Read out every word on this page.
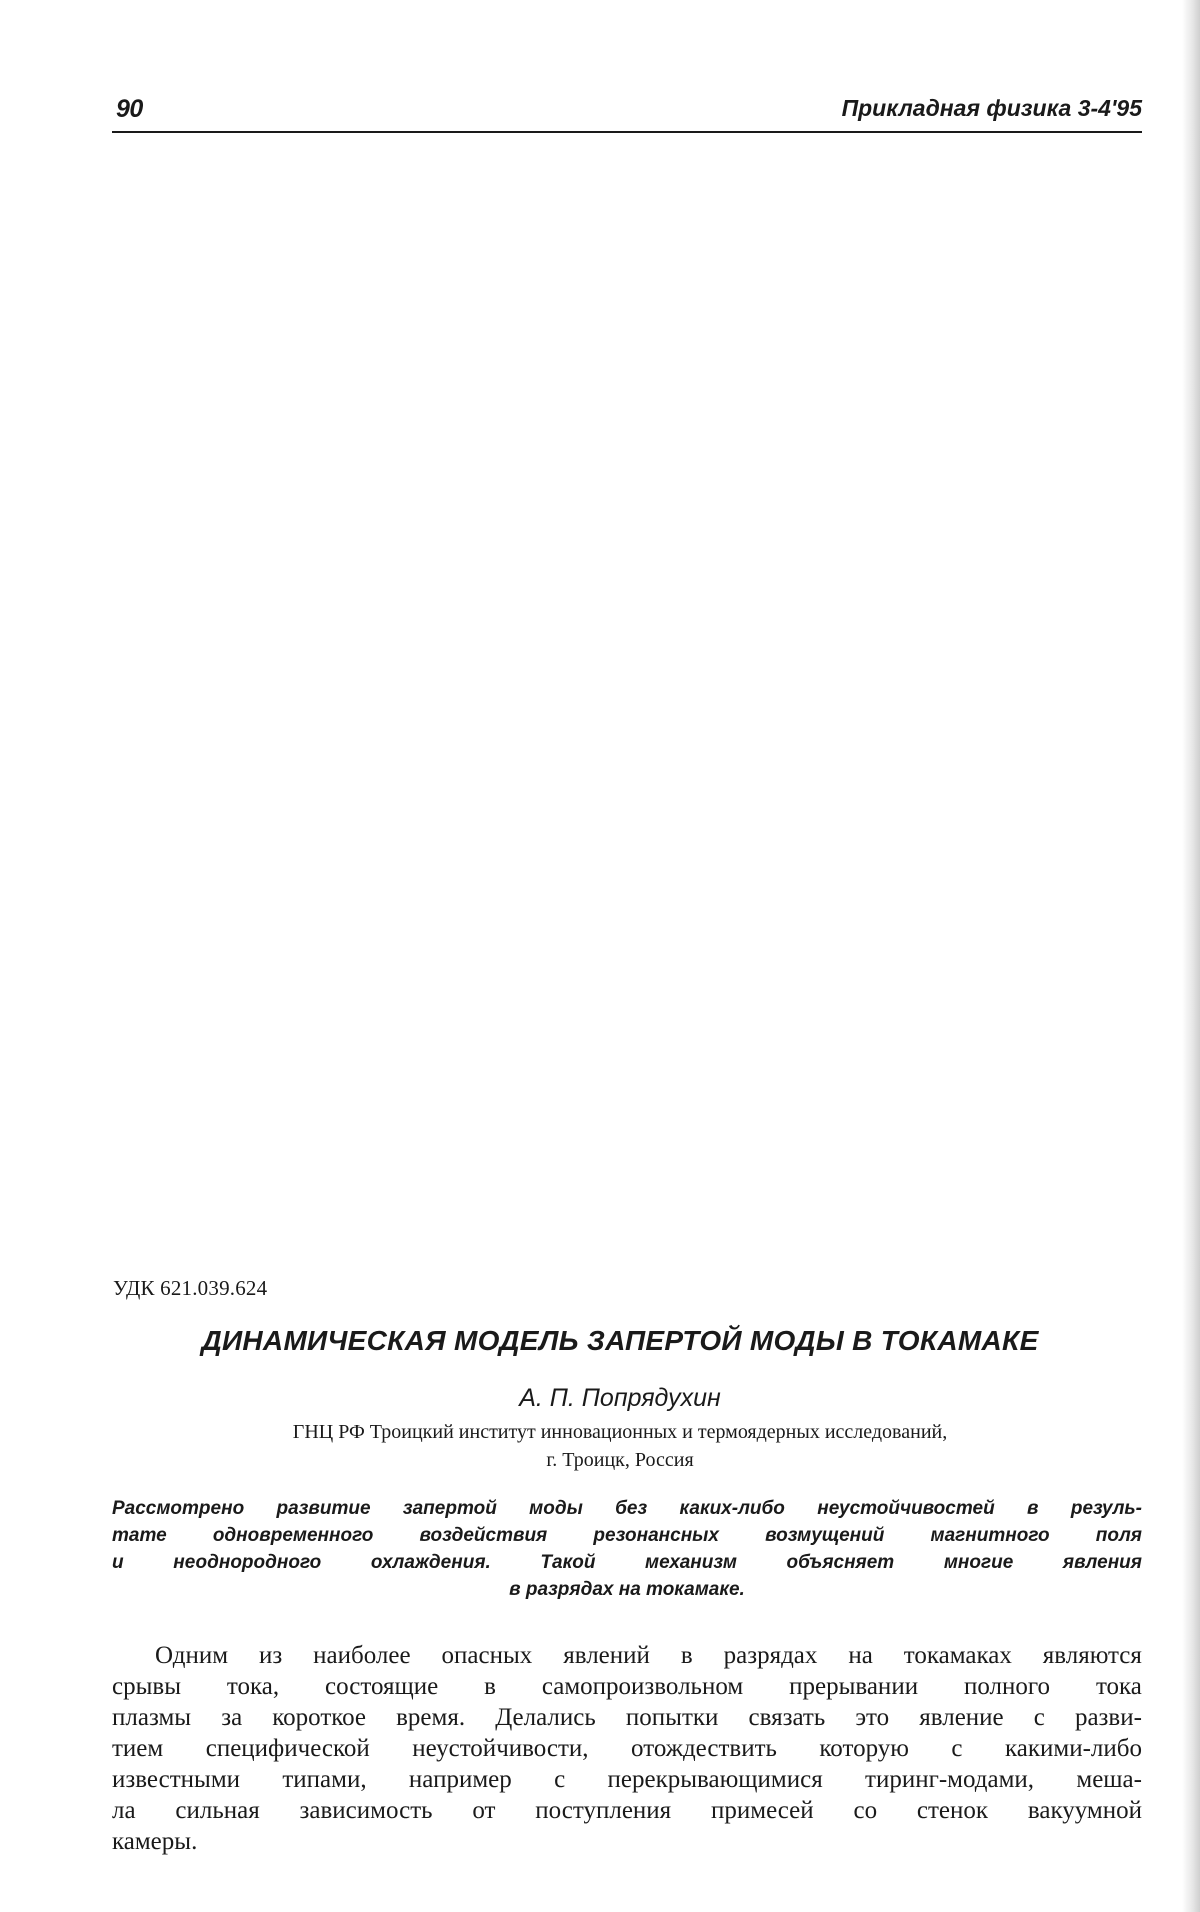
90	Прикладная физика 3-4'95
УДК 621.039.624
ДИНАМИЧЕСКАЯ МОДЕЛЬ ЗАПЕРТОЙ МОДЫ В ТОКАМАКЕ
А. П. Попрядухин
ГНЦ РФ Троицкий институт инновационных и термоядерных исследований,
г. Троицк, Россия
Рассмотрено развитие запертой моды без каких-либо неустойчивостей в резуль-
тате одновременного воздействия резонансных возмущений магнитного поля
и	неоднородного	охлаждения.	Такой	механизм	объясняет	многие	явления
в разрядах на токамаке.
Одним из наиболее опасных явлений в разрядах на токамаках являются
срывы тока, состоящие в самопроизвольном прерывании полного тока
плазмы за короткое время. Делались попытки связать это явление с разви-
тием специфической неустойчивости, отождествить которую с какими-либо
известными типами, например с перекрывающимися тиринг-модами, меша-
ла сильная зависимость от поступления примесей со стенок вакуумной
камеры.
